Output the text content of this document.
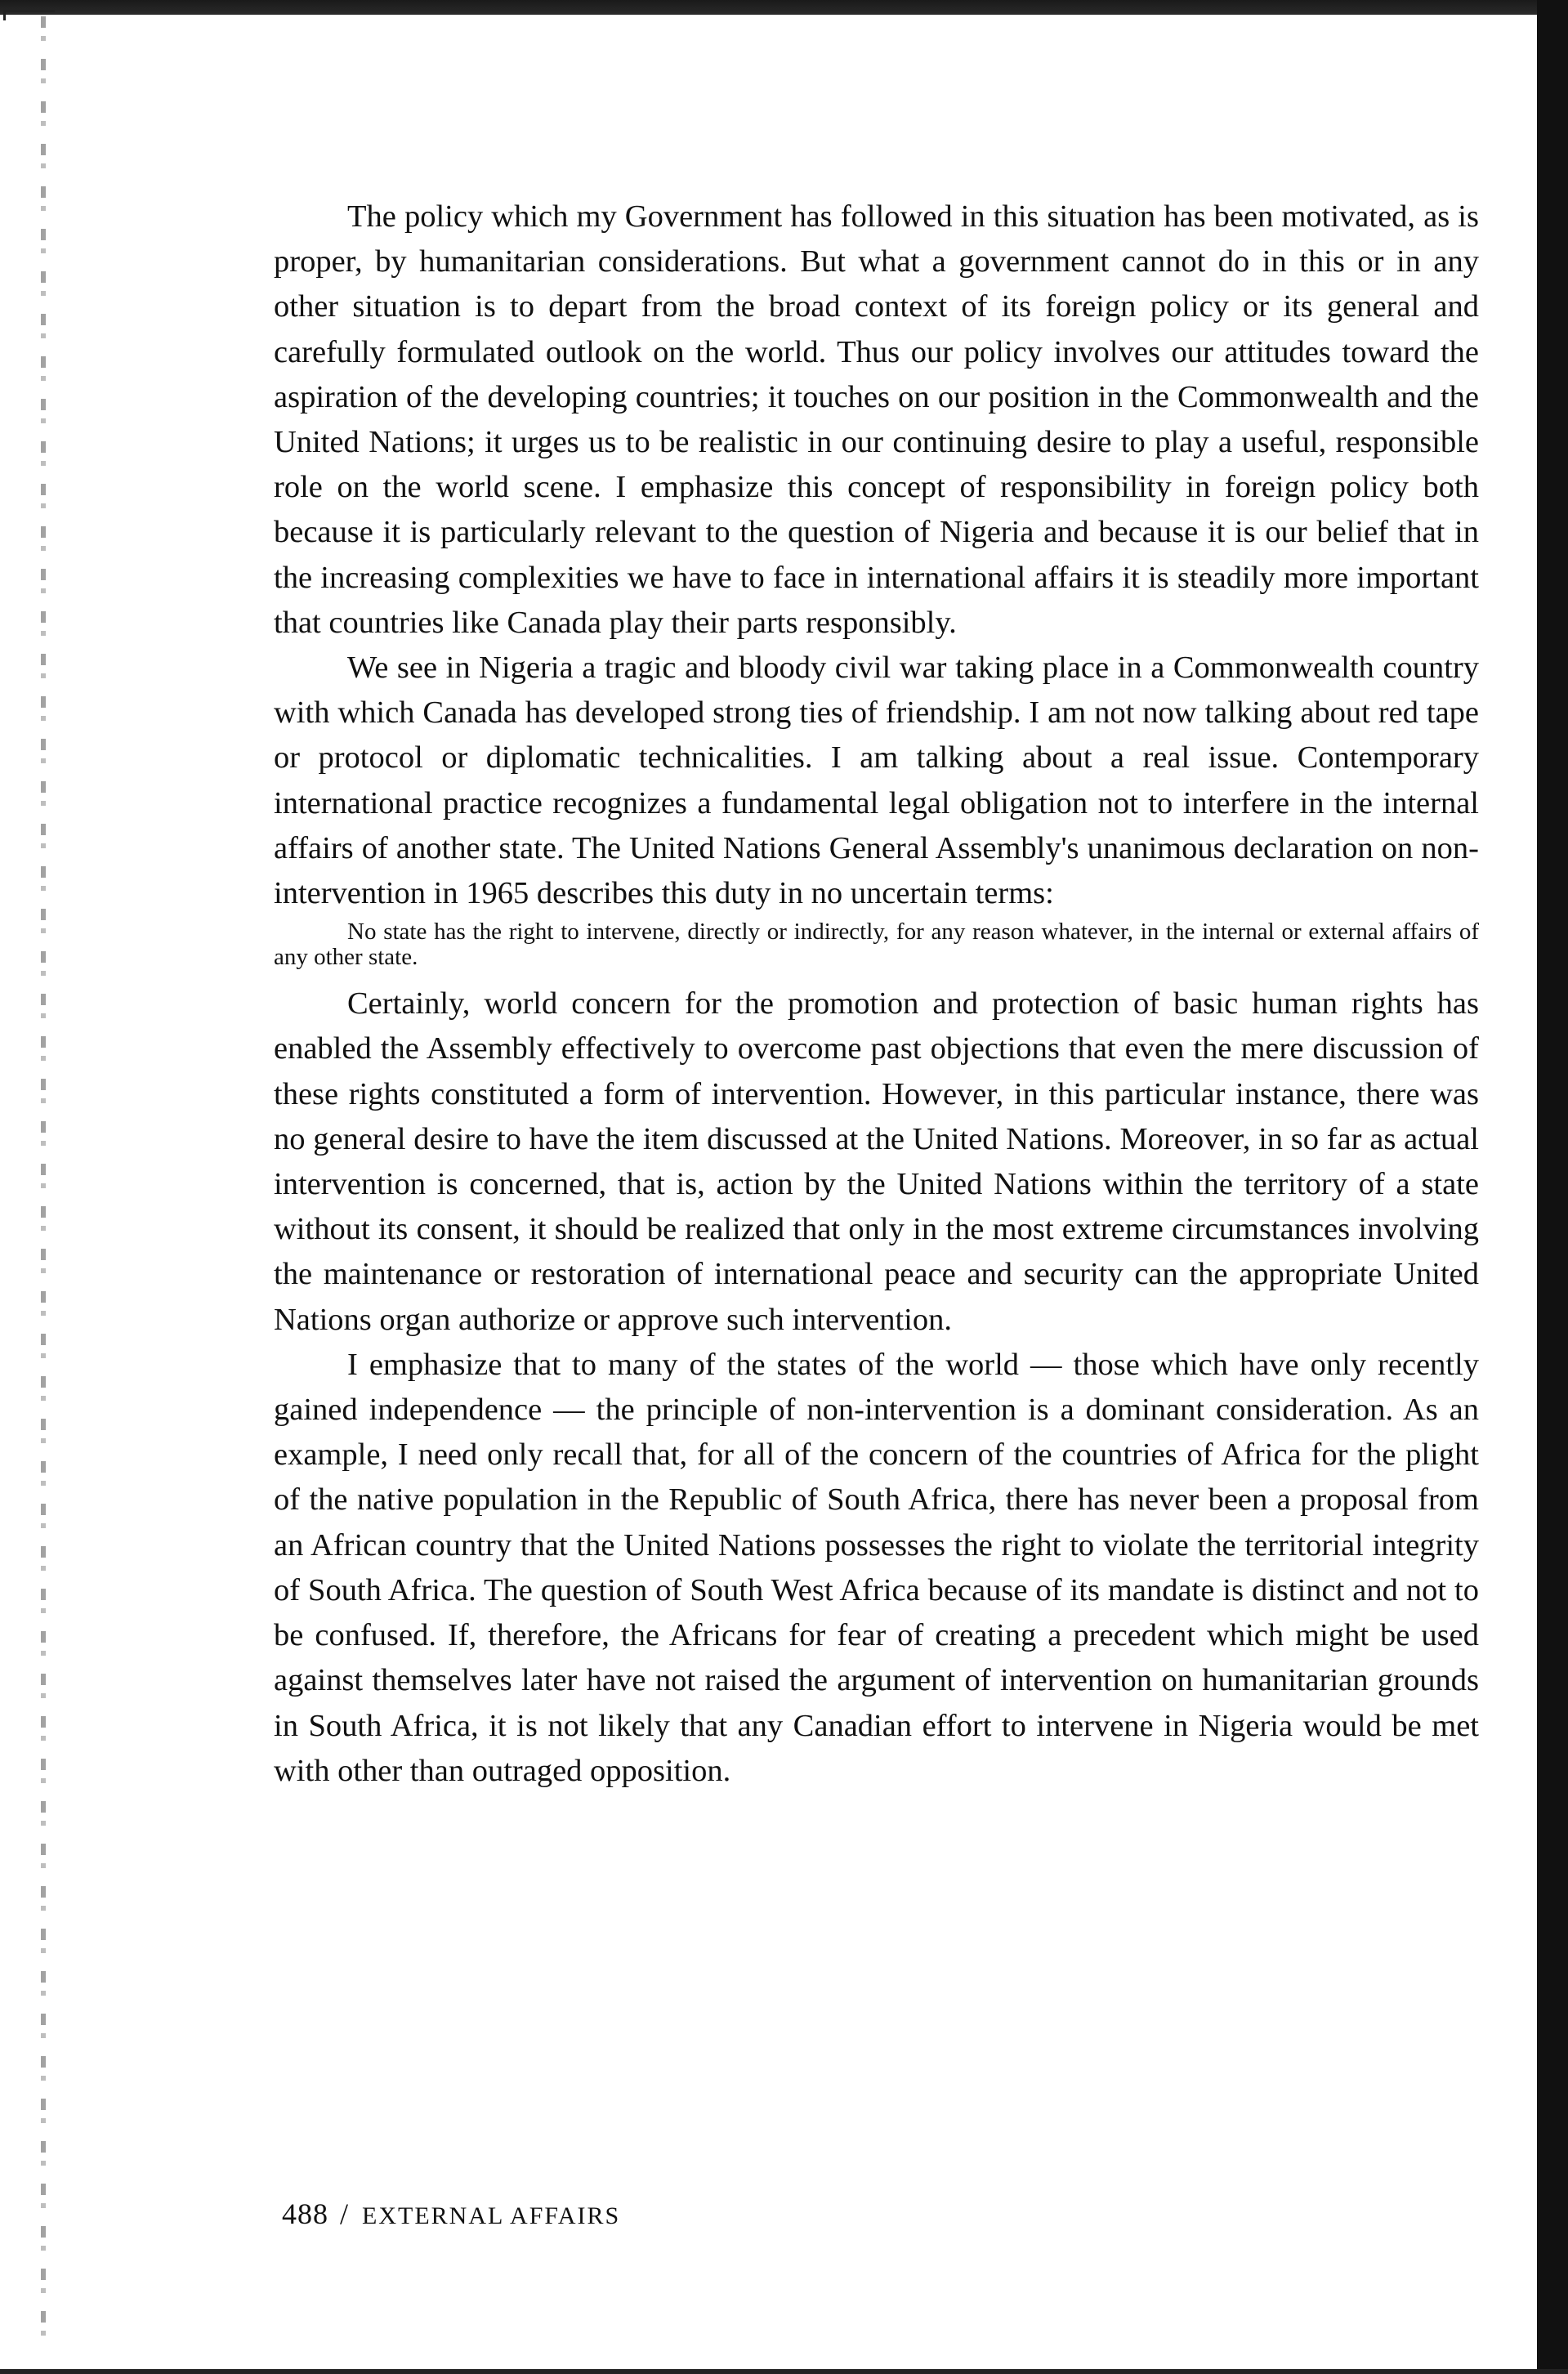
The policy which my Government has followed in this situation has been motivated, as is proper, by humanitarian considerations. But what a government cannot do in this or in any other situation is to depart from the broad context of its foreign policy or its general and carefully formulated outlook on the world. Thus our policy involves our attitudes toward the aspiration of the developing countries; it touches on our position in the Commonwealth and the United Nations; it urges us to be realistic in our continuing desire to play a useful, responsible role on the world scene. I emphasize this concept of responsibility in foreign policy both because it is particularly relevant to the question of Nigeria and because it is our belief that in the increasing complexities we have to face in international affairs it is steadily more important that countries like Canada play their parts responsibly.

We see in Nigeria a tragic and bloody civil war taking place in a Commonwealth country with which Canada has developed strong ties of friendship. I am not now talking about red tape or protocol or diplomatic technicalities. I am talking about a real issue. Contemporary international practice recognizes a fundamental legal obligation not to interfere in the internal affairs of another state. The United Nations General Assembly's unanimous declaration on non-intervention in 1965 describes this duty in no uncertain terms:

No state has the right to intervene, directly or indirectly, for any reason whatever, in the internal or external affairs of any other state.

Certainly, world concern for the promotion and protection of basic human rights has enabled the Assembly effectively to overcome past objections that even the mere discussion of these rights constituted a form of intervention. However, in this particular instance, there was no general desire to have the item discussed at the United Nations. Moreover, in so far as actual intervention is concerned, that is, action by the United Nations within the territory of a state without its consent, it should be realized that only in the most extreme circumstances involving the maintenance or restoration of international peace and security can the appropriate United Nations organ authorize or approve such intervention.

I emphasize that to many of the states of the world — those which have only recently gained independence — the principle of non-intervention is a dominant consideration. As an example, I need only recall that, for all of the concern of the countries of Africa for the plight of the native population in the Republic of South Africa, there has never been a proposal from an African country that the United Nations possesses the right to violate the territorial integrity of South Africa. The question of South West Africa because of its mandate is distinct and not to be confused. If, therefore, the Africans for fear of creating a precedent which might be used against themselves later have not raised the argument of intervention on humanitarian grounds in South Africa, it is not likely that any Canadian effort to intervene in Nigeria would be met with other than outraged opposition.

488 / EXTERNAL AFFAIRS
